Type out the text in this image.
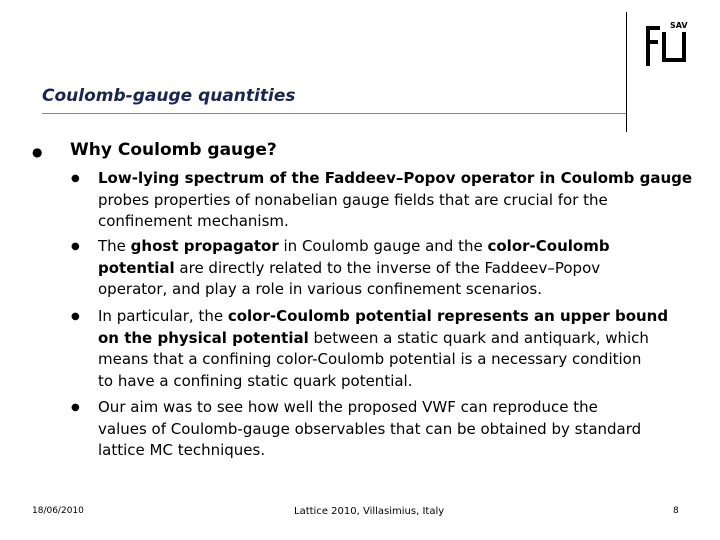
SAV
Coulomb-gauge quantities
● Why Coulomb gauge?
● Low-lying spectrum of the Faddeev–Popov operator in Coulomb gauge
probes properties of nonabelian gauge fields that are crucial for the
confinement mechanism.
● The ghost propagator in Coulomb gauge and the color-Coulomb
potential are directly related to the inverse of the Faddeev–Popov
operator, and play a role in various confinement scenarios.
● In particular, the color-Coulomb potential represents an upper bound
on the physical potential between a static quark and antiquark, which
means that a confining color-Coulomb potential is a necessary condition
to have a confining static quark potential.
● Our aim was to see how well the proposed VWF can reproduce the
values of Coulomb-gauge observables that can be obtained by standard
lattice MC techniques.
18/06/2010	Lattice 2010, Villasimius, Italy	8
